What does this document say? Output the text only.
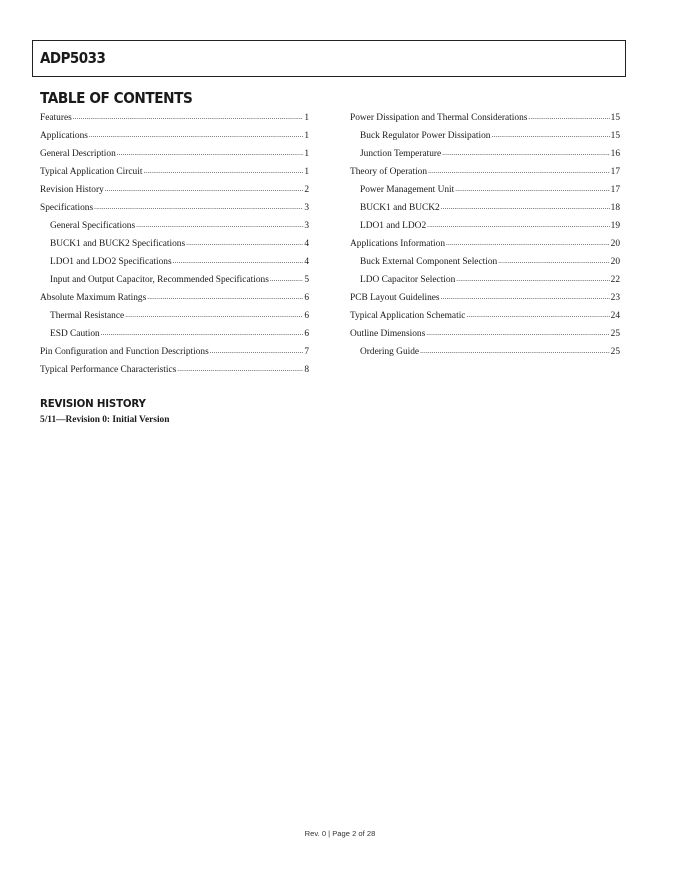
ADP5033
TABLE OF CONTENTS
Features .....	1
Applications .....	1
General Description .....	1
Typical Application Circuit .....	1
Revision History .....	2
Specifications .....	3
General Specifications .....	3
BUCK1 and BUCK2 Specifications .....	4
LDO1 and LDO2 Specifications .....	4
Input and Output Capacitor, Recommended Specifications .....	5
Absolute Maximum Ratings .....	6
Thermal Resistance .....	6
ESD Caution .....	6
Pin Configuration and Function Descriptions .....	7
Typical Performance Characteristics .....	8
Power Dissipation and Thermal Considerations .....	15
Buck Regulator Power Dissipation .....	15
Junction Temperature .....	16
Theory of Operation .....	17
Power Management Unit .....	17
BUCK1 and BUCK2 .....	18
LDO1 and LDO2 .....	19
Applications Information .....	20
Buck External Component Selection .....	20
LDO Capacitor Selection .....	22
PCB Layout Guidelines .....	23
Typical Application Schematic .....	24
Outline Dimensions .....	25
Ordering Guide .....	25
REVISION HISTORY
5/11—Revision 0: Initial Version
Rev. 0 | Page 2 of 28
